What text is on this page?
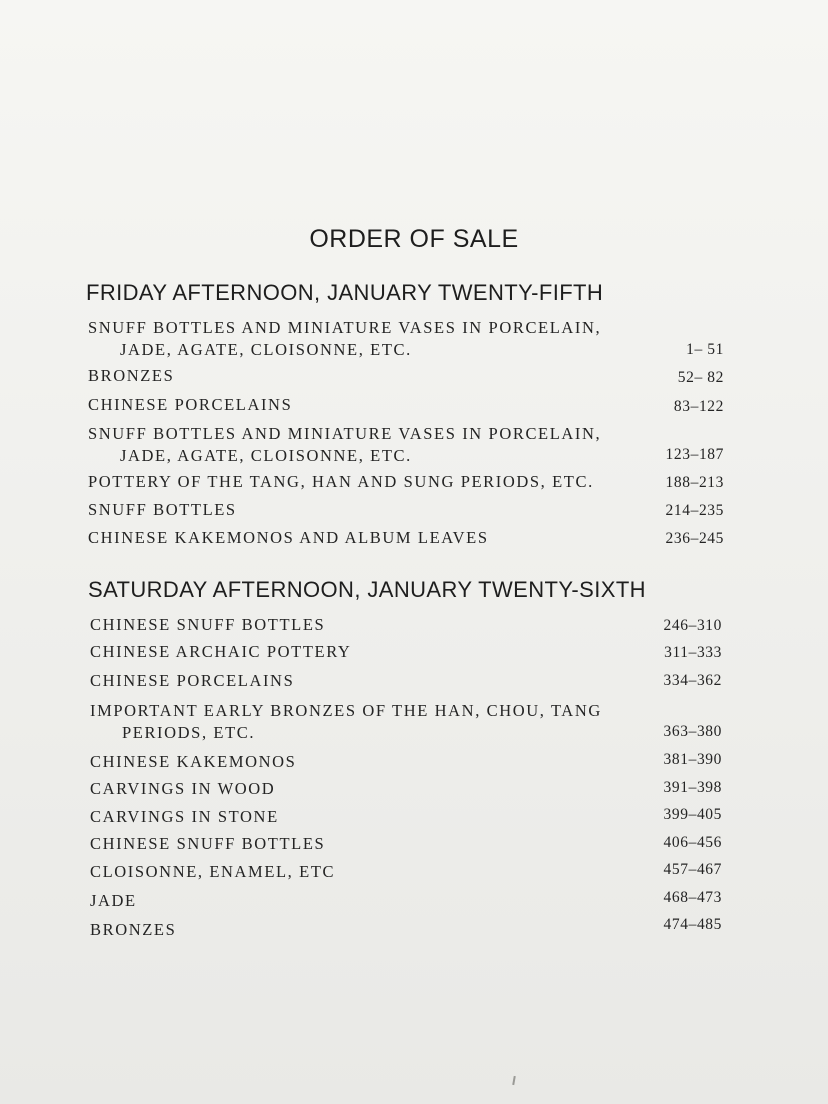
ORDER OF SALE
FRIDAY AFTERNOON, JANUARY TWENTY-FIFTH
SNUFF BOTTLES AND MINIATURE VASES IN PORCELAIN,
JADE, AGATE, CLOISONNE, ETC.	1– 51
BRONZES	52– 82
CHINESE PORCELAINS	83–122
SNUFF BOTTLES AND MINIATURE VASES IN PORCELAIN,
JADE, AGATE, CLOISONNE, ETC.	123–187
POTTERY OF THE TANG, HAN AND SUNG PERIODS, ETC.	188–213
SNUFF BOTTLES	214–235
CHINESE KAKEMONOS AND ALBUM LEAVES	236–245
SATURDAY AFTERNOON, JANUARY TWENTY-SIXTH
CHINESE SNUFF BOTTLES	246–310
CHINESE ARCHAIC POTTERY	311–333
CHINESE PORCELAINS	334–362
IMPORTANT EARLY BRONZES OF THE HAN, CHOU, TANG
PERIODS, ETC.	363–380
CHINESE KAKEMONOS	381–390
CARVINGS IN WOOD	391–398
CARVINGS IN STONE	399–405
CHINESE SNUFF BOTTLES	406–456
CLOISONNE, ENAMEL, ETC	457–467
JADE	468–473
BRONZES	474–485
